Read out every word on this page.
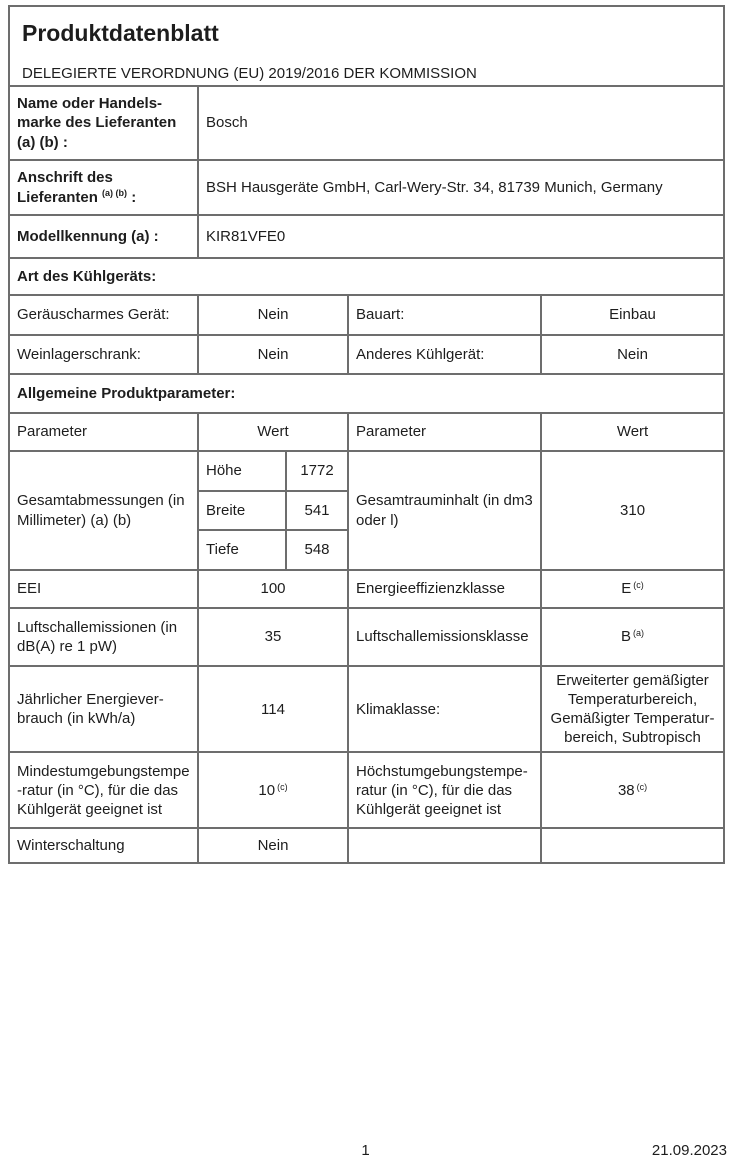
Produktdatenblatt
DELEGIERTE VERORDNUNG (EU) 2019/2016 DER KOMMISSION				

Name oder Handels-marke des Lieferanten (a) (b) :	Bosch			
Anschrift des Lieferanten $^{(a) (b)}$ :	BSH Hausgeräte GmbH, Carl-Wery-Str. 34, 81739 Munich, Germany			
Modellkennung (a) :	KIR81VFE0			
Art des Kühlgeräts:				
Geräuscharmes Gerät:	Nein		Bauart:	Einbau
Weinlagerschrank:	Nein		Anderes Kühlgerät:	Nein
Allgemeine Produktparameter:				
Parameter	Wert		Parameter	Wert
Gesamtabmessungen (in Millimeter) (a) (b)	Höhe	1772	Gesamtrauminhalt (in dm3 oder l)	310
	Breite	541		
	Tiefe	548		
EEI	100		Energieeffizienzklasse	E $^{(c)}$
Luftschallemissionen (in dB(A) re 1 pW)	35		Luftschallemissionsklasse	B $^{(a)}$
Jährlicher Energiever-brauch (in kWh/a)	114		Klimaklasse:	Erweiterter gemäßigter Temperaturbereich, Gemäßigter Temperatur-bereich, Subtropisch
Mindestumgebungstempe-ratur (in °C), für die das Kühlgerät geeignet ist	10 $^{(c)}$		Höchstumgebungstempe-ratur (in °C), für die das Kühlgerät geeignet ist	38 $^{(c)}$
Winterschaltung	Nein			
1	21.09.2023
